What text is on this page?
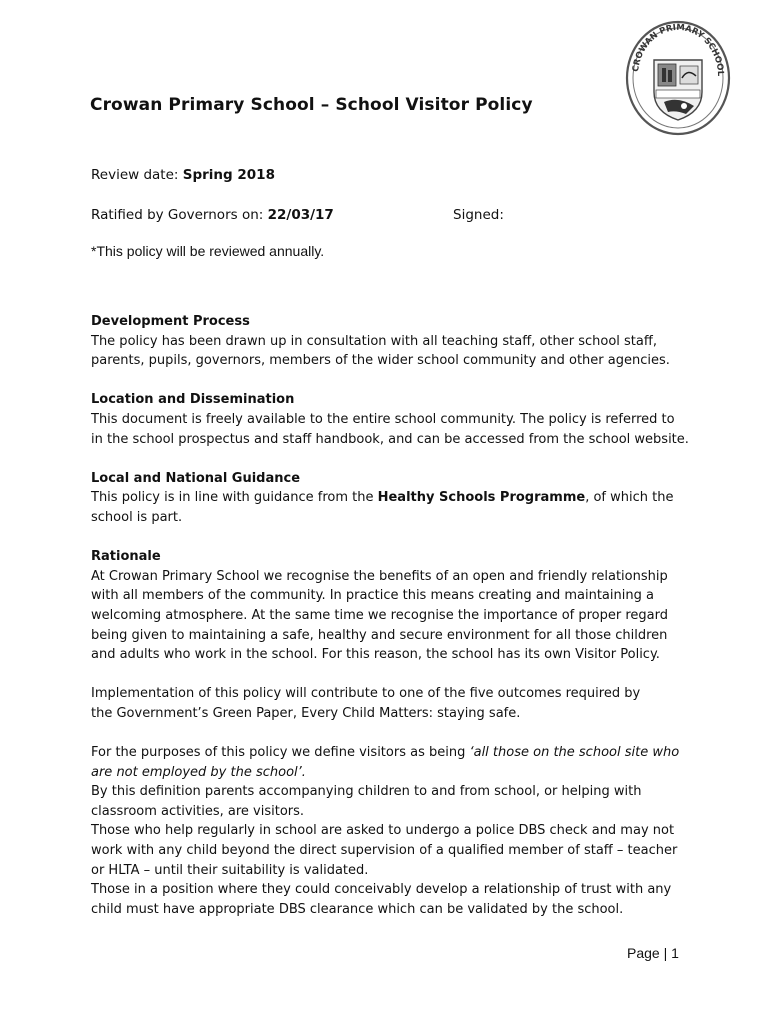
CROWAN PRIMARY SCHOOL
Crowan Primary School – School Visitor Policy
Review date: Spring 2018
Ratified by Governors on: 22/03/17	Signed:
*This policy will be reviewed annually.

Development Process

The policy has been drawn up in consultation with all teaching staff, other school staff,

parents, pupils, governors, members of the wider school community and other agencies.

Location and Dissemination

This document is freely available to the entire school community. The policy is referred to

in the school prospectus and staff handbook, and can be accessed from the school website.

Local and National Guidance

This policy is in line with guidance from the Healthy Schools Programme, of which the

school is part.

Rationale

At Crowan Primary School we recognise the benefits of an open and friendly relationship

with all members of the community. In practice this means creating and maintaining a

welcoming atmosphere. At the same time we recognise the importance of proper regard

being given to maintaining a safe, healthy and secure environment for all those children

and adults who work in the school. For this reason, the school has its own Visitor Policy.

Implementation of this policy will contribute to one of the five outcomes required by

the Government’s Green Paper, Every Child Matters: staying safe.

For the purposes of this policy we define visitors as being ‘all those on the school site who

are not employed by the school’.

By this definition parents accompanying children to and from school, or helping with

classroom activities, are visitors.

Those who help regularly in school are asked to undergo a police DBS check and may not

work with any child beyond the direct supervision of a qualified member of staff – teacher

or HLTA – until their suitability is validated.

Those in a position where they could conceivably develop a relationship of trust with any

child must have appropriate DBS clearance which can be validated by the school.

Page | 1
